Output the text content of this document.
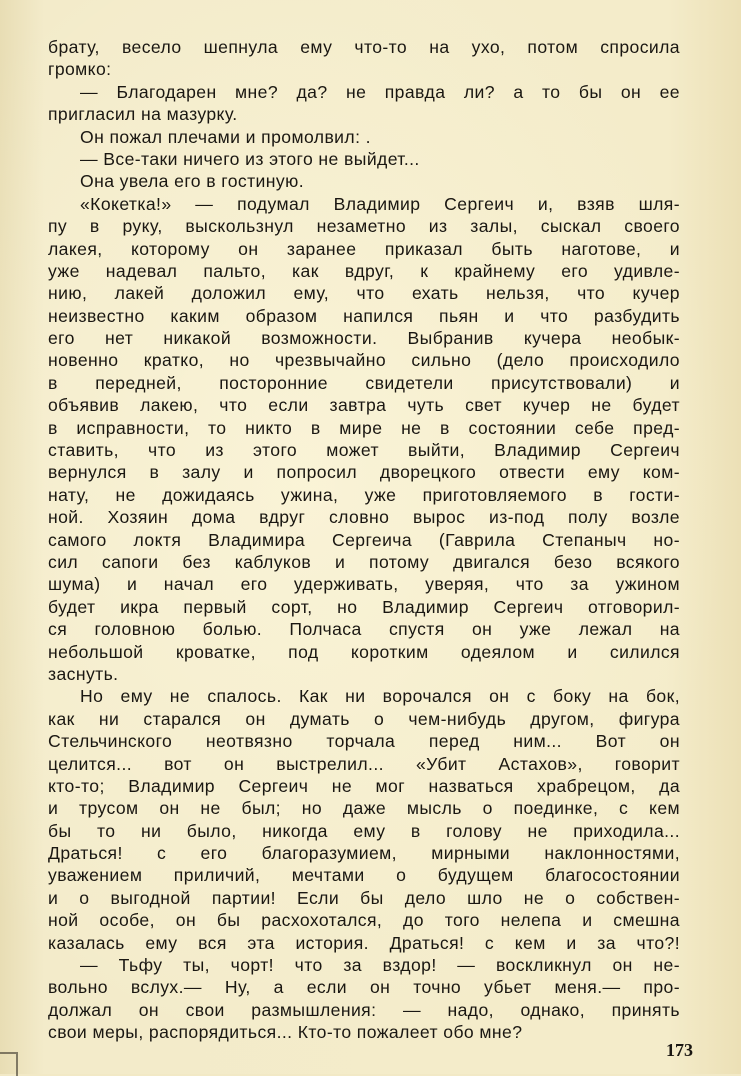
брату, весело шепнула ему что-то на ухо, потом спросила
громко:
— Благодарен мне? да? не правда ли? а то бы он ее
пригласил на мазурку.
Он пожал плечами и промолвил: .
— Все-таки ничего из этого не выйдет...
Она увела его в гостиную.
«Кокетка!» — подумал Владимир Сергеич и, взяв шля-
пу в руку, выскользнул незаметно из залы, сыскал своего
лакея, которому он заранее приказал быть наготове, и
уже надевал пальто, как вдруг, к крайнему его удивле-
нию, лакей доложил ему, что ехать нельзя, что кучер
неизвестно каким образом напился пьян и что разбудить
его нет никакой возможности. Выбранив кучера необык-
новенно кратко, но чрезвычайно сильно (дело происходило
в передней, посторонние свидетели присутствовали) и
объявив лакею, что если завтра чуть свет кучер не будет
в исправности, то никто в мире не в состоянии себе пред-
ставить, что из этого может выйти, Владимир Сергеич
вернулся в залу и попросил дворецкого отвести ему ком-
нату, не дожидаясь ужина, уже приготовляемого в гости-
ной. Хозяин дома вдруг словно вырос из-под полу возле
самого локтя Владимира Сергеича (Гаврила Степаныч но-
сил сапоги без каблуков и потому двигался безо всякого
шума) и начал его удерживать, уверяя, что за ужином
будет икра первый сорт, но Владимир Сергеич отговорил-
ся головною болью. Полчаса спустя он уже лежал на
небольшой кроватке, под коротким одеялом и силился
заснуть.
Но ему не спалось. Как ни ворочался он с боку на бок,
как ни старался он думать о чем-нибудь другом, фигура
Стельчинского неотвязно торчала перед ним... Вот он
целится... вот он выстрелил... «Убит Астахов», говорит
кто-то; Владимир Сергеич не мог назваться храбрецом, да
и трусом он не был; но даже мысль о поединке, с кем
бы то ни было, никогда ему в голову не приходила...
Драться! с его благоразумием, мирными наклонностями,
уважением приличий, мечтами о будущем благосостоянии
и о выгодной партии! Если бы дело шло не о собствен-
ной особе, он бы расхохотался, до того нелепа и смешна
казалась ему вся эта история. Драться! с кем и за что?!
— Тьфу ты, чорт! что за вздор! — воскликнул он не-
вольно вслух.— Ну, а если он точно убьет меня.— про-
должал он свои размышления: — надо, однако, принять
свои меры, распорядиться... Кто-то пожалеет обо мне?
173
